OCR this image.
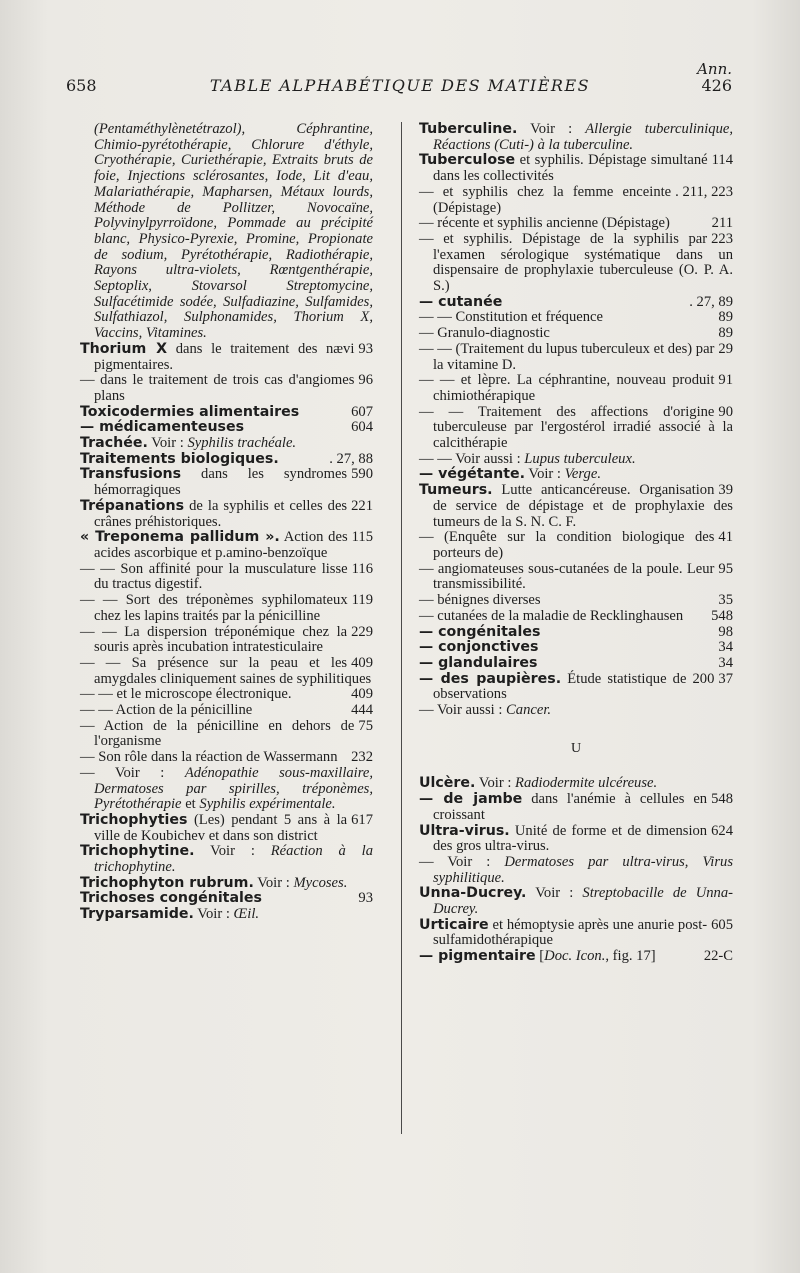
658	TABLE ALPHABÉTIQUE DES MATIÈRES
Ann.
426

(Pentaméthylènetétrazol), Céphrantine, Chimio-pyrétothérapie, Chlorure d'éthyle, Cryothérapie, Curiethérapie, Extraits bruts de foie, Injections sclérosantes, Iode, Lit d'eau, Malariathérapie, Mapharsen, Métaux lourds, Méthode de Pollitzer, Novocaïne, Polyvinylpyrroïdone, Pommade au précipité blanc, Physico-Pyrexie, Promine, Propionate de sodium, Pyrétothérapie, Radiothérapie, Rayons ultra-violets, Rœntgenthérapie, Septoplix, Stovarsol Streptomycine, Sulfacétimide sodée, Sulfadiazine, Sulfamides, Sulfathiazol, Sulphonamides, Thorium X, Vaccins, Vitamines.

93
Thorium X dans le traitement des nævi pigmentaires.

96
— dans le traitement de trois cas d'angiomes plans

607
Toxicodermies alimentaires

604
— médicamenteuses

Trachée. Voir : Syphilis trachéale.

. 27, 88
Traitements biologiques.

590
Transfusions dans les syndromes hémorragiques

221
Trépanations de la syphilis et celles des crânes préhistoriques.

115
« Treponema pallidum ». Action des acides ascorbique et p.amino-benzoïque

116
— — Son affinité pour la musculature lisse du tractus digestif.

119
— — Sort des tréponèmes syphilomateux chez les lapins traités par la pénicilline

229
— — La dispersion tréponémique chez la souris après incubation intratesticulaire

409
— — Sa présence sur la peau et les amygdales cliniquement saines de syphilitiques

409
— — et le microscope électronique.

444
— — Action de la pénicilline

75
— Action de la pénicilline en dehors de l'organisme

232
— Son rôle dans la réaction de Wassermann

— Voir : Adénopathie sous-maxillaire, Dermatoses par spirilles, tréponèmes, Pyrétothérapie et Syphilis expérimentale.

617
Trichophyties (Les) pendant 5 ans à la ville de Koubichev et dans son district

Trichophytine. Voir : Réaction à la trichophytine.

Trichophyton rubrum. Voir : Mycoses.

93
Trichoses congénitales

Tryparsamide. Voir : Œil.

Tuberculine. Voir : Allergie tuberculinique, Réactions (Cuti-) à la tuberculine.

114
Tuberculose et syphilis. Dépistage simultané dans les collectivités

. 211, 223
— et syphilis chez la femme enceinte (Dépistage)

211
— récente et syphilis ancienne (Dépistage)

223
— et syphilis. Dépistage de la syphilis par l'examen sérologique systématique dans un dispensaire de prophylaxie tuberculeuse (O. P. A. S.)

. 27, 89
— cutanée

89
— — Constitution et fréquence

89
— Granulo-diagnostic

29
— — (Traitement du lupus tuberculeux et des) par la vitamine D.

91
— — et lèpre. La céphrantine, nouveau produit chimiothérapique

90
— — Traitement des affections d'origine tuberculeuse par l'ergostérol irradié associé à la calcithérapie

— — Voir aussi : Lupus tuberculeux.

— végétante. Voir : Verge.

39
Tumeurs. Lutte anticancéreuse. Organisation de service de dépistage et de prophylaxie des tumeurs de la S. N. C. F.

41
— (Enquête sur la condition biologique des porteurs de)

95
— angiomateuses sous-cutanées de la poule. Leur transmissibilité.

35
— bénignes diverses

548
— cutanées de la maladie de Recklinghausen

98
— congénitales

34
— conjonctives

34
— glandulaires

37
— des paupières. Étude statistique de 200 observations

— Voir aussi : Cancer.

U

Ulcère. Voir : Radiodermite ulcéreuse.

548
— de jambe dans l'anémie à cellules en croissant

624
Ultra-virus. Unité de forme et de dimension des gros ultra-virus.

— Voir : Dermatoses par ultra-virus, Virus syphilitique.

Unna-Ducrey. Voir : Streptobacille de Unna-Ducrey.

605
Urticaire et hémoptysie après une anurie post-sulfamidothérapique

22-C
— pigmentaire [Doc. Icon., fig. 17]
